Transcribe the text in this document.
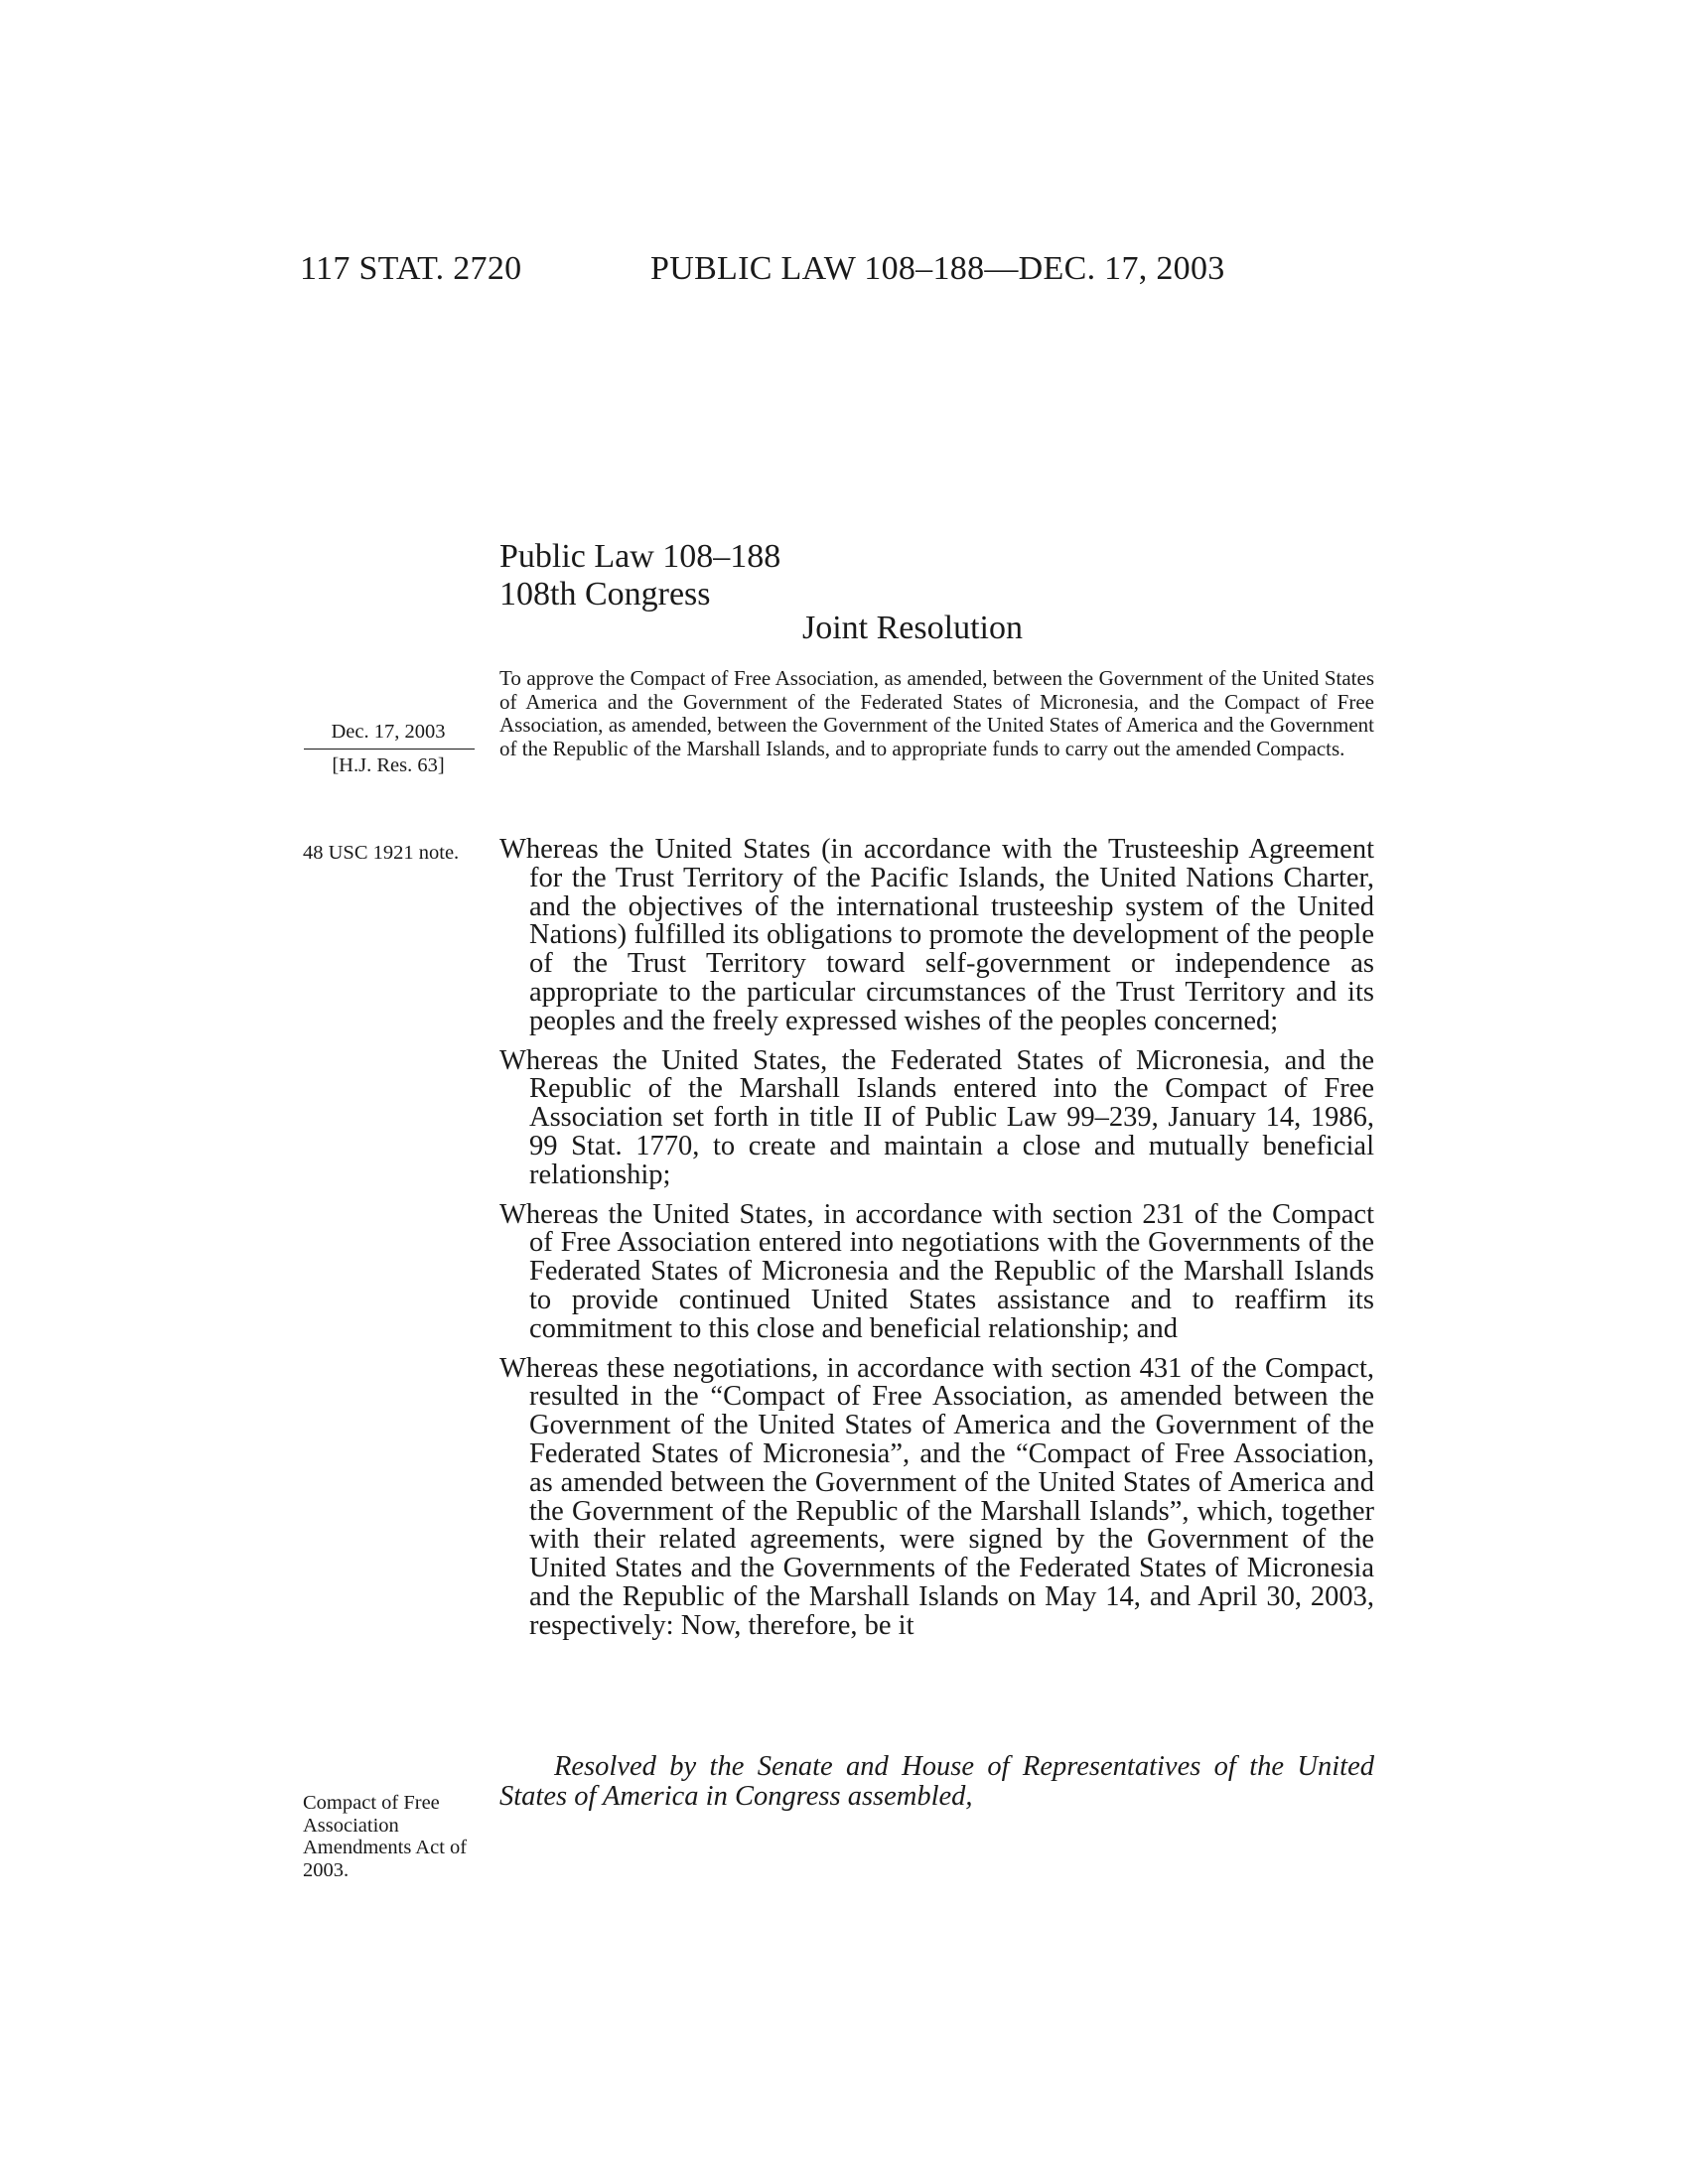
117 STAT. 2720	PUBLIC LAW 108–188—DEC. 17, 2003
Public Law 108–188
108th Congress
Joint Resolution
To approve the Compact of Free Association, as amended, between the Government of the United States of America and the Government of the Federated States of Micronesia, and the Compact of Free Association, as amended, between the Government of the United States of America and the Government of the Republic of the Marshall Islands, and to appropriate funds to carry out the amended Compacts.
Dec. 17, 2003
[H.J. Res. 63]
48 USC 1921 note.
Compact of Free Association Amendments Act of 2003.

Whereas the United States (in accordance with the Trusteeship Agreement for the Trust Territory of the Pacific Islands, the United Nations Charter, and the objectives of the international trusteeship system of the United Nations) fulfilled its obligations to promote the development of the people of the Trust Territory toward self-government or independence as appropriate to the particular circumstances of the Trust Territory and its peoples and the freely expressed wishes of the peoples concerned;

Whereas the United States, the Federated States of Micronesia, and the Republic of the Marshall Islands entered into the Compact of Free Association set forth in title II of Public Law 99–239, January 14, 1986, 99 Stat. 1770, to create and maintain a close and mutually beneficial relationship;

Whereas the United States, in accordance with section 231 of the Compact of Free Association entered into negotiations with the Governments of the Federated States of Micronesia and the Republic of the Marshall Islands to provide continued United States assistance and to reaffirm its commitment to this close and beneficial relationship; and

Whereas these negotiations, in accordance with section 431 of the Compact, resulted in the “Compact of Free Association, as amended between the Government of the United States of America and the Government of the Federated States of Micronesia”, and the “Compact of Free Association, as amended between the Government of the United States of America and the Government of the Republic of the Marshall Islands”, which, together with their related agreements, were signed by the Government of the United States and the Governments of the Federated States of Micronesia and the Republic of the Marshall Islands on May 14, and April 30, 2003, respectively: Now, therefore, be it

Resolved by the Senate and House of Representatives of the United States of America in Congress assembled,
